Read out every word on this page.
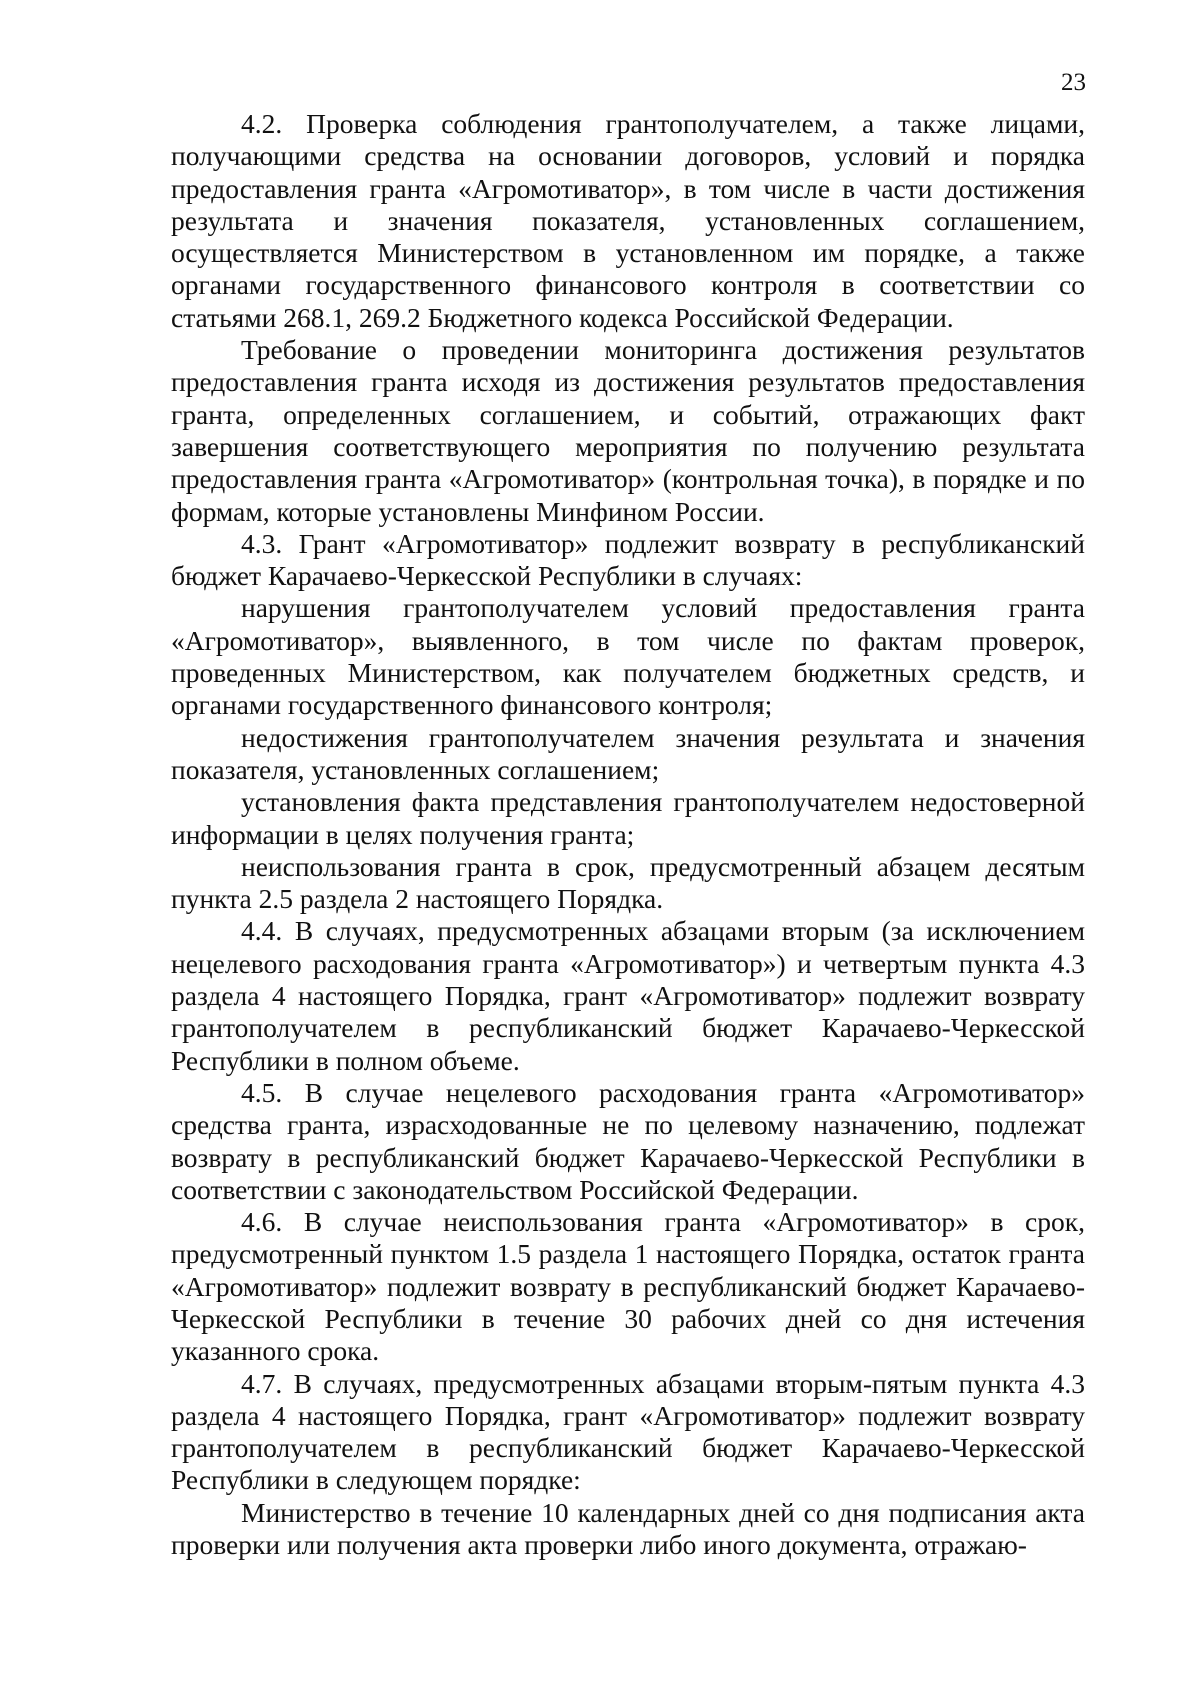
23

4.2. Проверка соблюдения грантополучателем, а также лицами, получающими средства на основании договоров, условий и порядка предоставления гранта «Агромотиватор», в том числе в части достижения результата и значения показателя, установленных соглашением, осуществляется Министерством в установленном им порядке, а также органами государственного финансового контроля в соответствии со статьями 268.1, 269.2 Бюджетного кодекса Российской Федерации.

Требование о проведении мониторинга достижения результатов предоставления гранта исходя из достижения результатов предоставления гранта, определенных соглашением, и событий, отражающих факт завершения соответствующего мероприятия по получению результата предоставления гранта «Агромотиватор» (контрольная точка), в порядке и по формам, которые установлены Минфином России.

4.3. Грант «Агромотиватор» подлежит возврату в республиканский бюджет Карачаево-Черкесской Республики в случаях:

нарушения грантополучателем условий предоставления гранта «Агромотиватор», выявленного, в том числе по фактам проверок, проведенных Министерством, как получателем бюджетных средств, и органами государственного финансового контроля;

недостижения грантополучателем значения результата и значения показателя, установленных соглашением;

установления факта представления грантополучателем недостоверной информации в целях получения гранта;

неиспользования гранта в срок, предусмотренный абзацем десятым пункта 2.5 раздела 2 настоящего Порядка.

4.4. В случаях, предусмотренных абзацами вторым (за исключением нецелевого расходования гранта «Агромотиватор») и четвертым пункта 4.3 раздела 4 настоящего Порядка, грант «Агромотиватор» подлежит возврату грантополучателем в республиканский бюджет Карачаево-Черкесской Республики в полном объеме.

4.5. В случае нецелевого расходования гранта «Агромотиватор» средства гранта, израсходованные не по целевому назначению, подлежат возврату в республиканский бюджет Карачаево-Черкесской Республики в соответствии с законодательством Российской Федерации.

4.6. В случае неиспользования гранта «Агромотиватор» в срок, предусмотренный пунктом 1.5 раздела 1 настоящего Порядка, остаток гранта «Агромотиватор» подлежит возврату в республиканский бюджет Карачаево-Черкесской Республики в течение 30 рабочих дней со дня истечения указанного срока.

4.7. В случаях, предусмотренных абзацами вторым-пятым пункта 4.3 раздела 4 настоящего Порядка, грант «Агромотиватор» подлежит возврату грантополучателем в республиканский бюджет Карачаево-Черкесской Республики в следующем порядке:

Министерство в течение 10 календарных дней со дня подписания акта проверки или получения акта проверки либо иного документа, отражаю-
